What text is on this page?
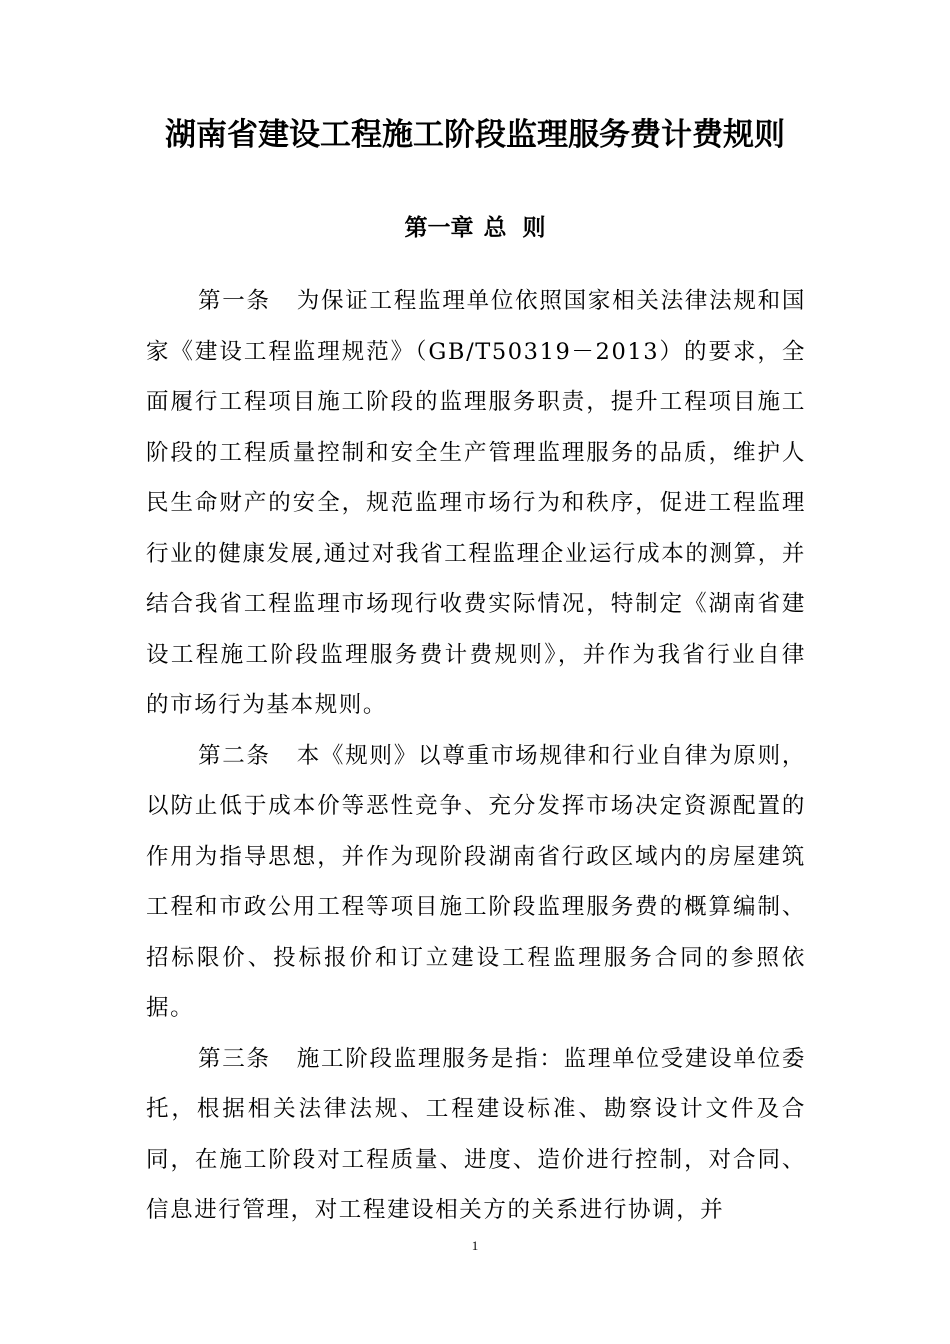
湖南省建设工程施工阶段监理服务费计费规则
第一章 总  则

第一条 为保证工程监理单位依照国家相关法律法规和国家《建设工程监理规范》（GB/T50319－2013）的要求，全面履行工程项目施工阶段的监理服务职责，提升工程项目施工阶段的工程质量控制和安全生产管理监理服务的品质，维护人民生命财产的安全，规范监理市场行为和秩序，促进工程监理行业的健康发展,通过对我省工程监理企业运行成本的测算，并结合我省工程监理市场现行收费实际情况，特制定《湖南省建设工程施工阶段监理服务费计费规则》，并作为我省行业自律的市场行为基本规则。

第二条 本《规则》以尊重市场规律和行业自律为原则，以防止低于成本价等恶性竞争、充分发挥市场决定资源配置的作用为指导思想，并作为现阶段湖南省行政区域内的房屋建筑工程和市政公用工程等项目施工阶段监理服务费的概算编制、招标限价、投标报价和订立建设工程监理服务合同的参照依据。

第三条 施工阶段监理服务是指：监理单位受建设单位委托，根据相关法律法规、工程建设标准、勘察设计文件及合同，在施工阶段对工程质量、进度、造价进行控制，对合同、信息进行管理，对工程建设相关方的关系进行协调，并

1
